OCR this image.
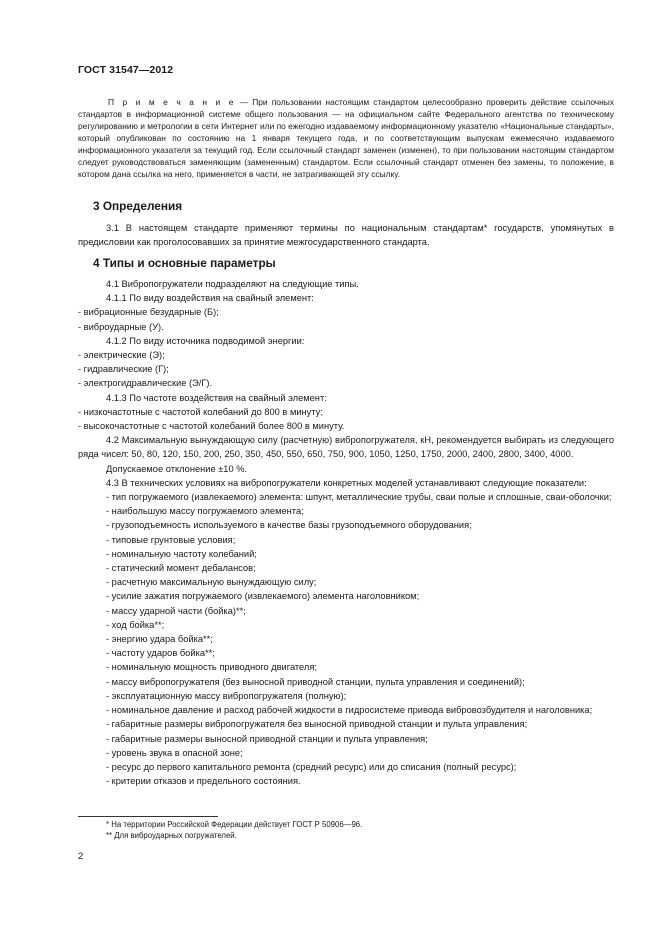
ГОСТ 31547—2012

П р и м е ч а н и е — При пользовании настоящим стандартом целесообразно проверить действие ссылочных стандартов в информационной системе общего пользования — на официальном сайте Федерального агентства по техническому регулированию и метрологии в сети Интернет или по ежегодно издаваемому информационному указателю «Национальные стандарты», который опубликован по состоянию на 1 января текущего года, и по соответствующим выпускам ежемесячно издаваемого информационного указателя за текущий год. Если ссылочный стандарт заменен (изменен), то при пользовании настоящим стандартом следует руководствоваться заменяющим (замененным) стандартом. Если ссылочный стандарт отменен без замены, то положение, в котором дана ссылка на него, применяется в части, не затрагивающей эту ссылку.

3 Определения

3.1 В настоящем стандарте применяют термины по национальным стандартам* государств, упомянутых в предисловии как проголосовавших за принятие межгосударственного стандарта.

4 Типы и основные параметры
4.1 Вибропогружатели подразделяют на следующие типы.
4.1.1 По виду воздействия на свайный элемент:
- вибрационные безударные (Б);
- виброударные (У).
4.1.2 По виду источника подводимой энергии:
- электрические (Э);
- гидравлические (Г);
- электрогидравлические (Э/Г).
4.1.3 По частоте воздействия на свайный элемент:
- низкочастотные с частотой колебаний до 800 в минуту;
- высокочастотные с частотой колебаний более 800 в минуту.
4.2 Максимальную вынуждающую силу (расчетную) вибропогружателя, кН, рекомендуется выбирать из следующего ряда чисел: 50, 80, 120, 150, 200, 250, 350, 450, 550, 650, 750, 900, 1050, 1250, 1750, 2000, 2400, 2800, 3400, 4000.
Допускаемое отклонение ±10 %.
4.3 В технических условиях на вибропогружатели конкретных моделей устанавливают следующие показатели:
- тип погружаемого (извлекаемого) элемента: шпунт, металлические трубы, сваи полые и сплошные, сваи-оболочки;
- наибольшую массу погружаемого элемента;
- грузоподъемность используемого в качестве базы грузоподъемного оборудования;
- типовые грунтовые условия;
- номинальную частоту колебаний;
- статический момент дебалансов;
- расчетную максимальную вынуждающую силу;
- усилие зажатия погружаемого (извлекаемого) элемента наголовником;
- массу ударной части (бойка)**;
- ход бойка**;
- энергию удара бойка**;
- частоту ударов бойка**;
- номинальную мощность приводного двигателя;
- массу вибропогружателя (без выносной приводной станции, пульта управления и соединений);
- эксплуатационную массу вибропогружателя (полную);
- номинальное давление и расход рабочей жидкости в гидросистеме привода вибровозбудителя и наголовника;
- габаритные размеры вибропогружателя без выносной приводной станции и пульта управления;
- габаритные размеры выносной приводной станции и пульта управления;
- уровень звука в опасной зоне;
- ресурс до первого капитального ремонта (средний ресурс) или до списания (полный ресурс);
- критерии отказов и предельного состояния.
* На территории Российской Федерации действует ГОСТ Р 50906—96.
** Для виброударных погружателей.
2
